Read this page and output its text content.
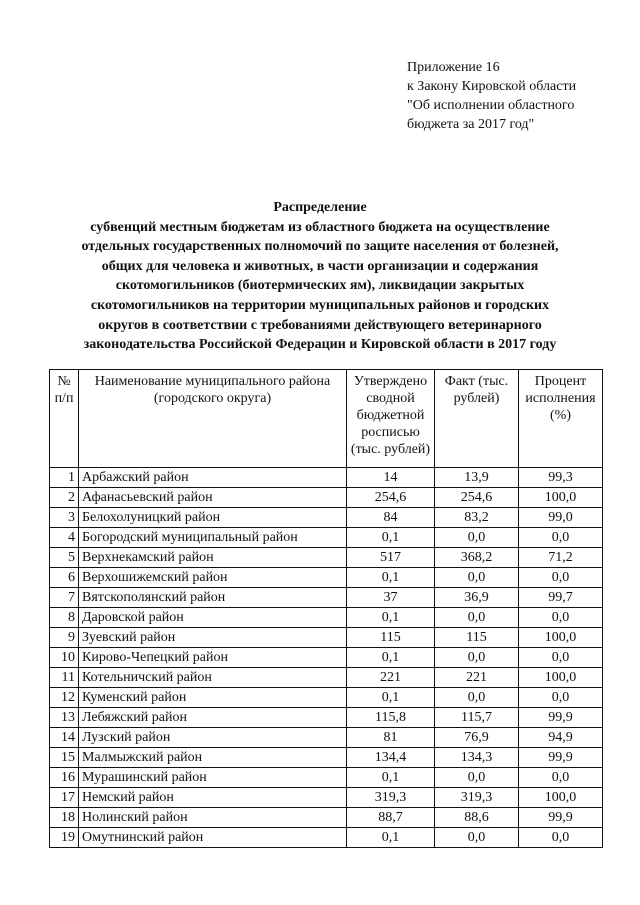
Приложение 16
к Закону Кировской области
"Об исполнении областного
бюджета за 2017 год"
Распределение
субвенций местным бюджетам из областного бюджета на осуществление
отдельных государственных полномочий по защите населения от болезней,
общих для человека и животных, в части организации и содержания
скотомогильников (биотермических ям), ликвидации закрытых
скотомогильников на территории муниципальных районов и городских
округов в соответствии с требованиями действующего ветеринарного
законодательства Российской Федерации и Кировской области в 2017 году
№ п/п	Наименование муниципального района (городского округа)	Утверждено сводной бюджетной росписью (тыс. рублей)	Факт (тыс. рублей)	Процент исполнения (%)
1	Арбажский район	14	13,9	99,3
2	Афанасьевский район	254,6	254,6	100,0
3	Белохолуницкий район	84	83,2	99,0
4	Богородский муниципальный район	0,1	0,0	0,0
5	Верхнекамский район	517	368,2	71,2
6	Верхошижемский район	0,1	0,0	0,0
7	Вятскополянский район	37	36,9	99,7
8	Даровской район	0,1	0,0	0,0
9	Зуевский район	115	115	100,0
10	Кирово-Чепецкий район	0,1	0,0	0,0
11	Котельничский район	221	221	100,0
12	Куменский район	0,1	0,0	0,0
13	Лебяжский район	115,8	115,7	99,9
14	Лузский район	81	76,9	94,9
15	Малмыжский район	134,4	134,3	99,9
16	Мурашинский район	0,1	0,0	0,0
17	Немский район	319,3	319,3	100,0
18	Нолинский район	88,7	88,6	99,9
19	Омутнинский район	0,1	0,0	0,0
